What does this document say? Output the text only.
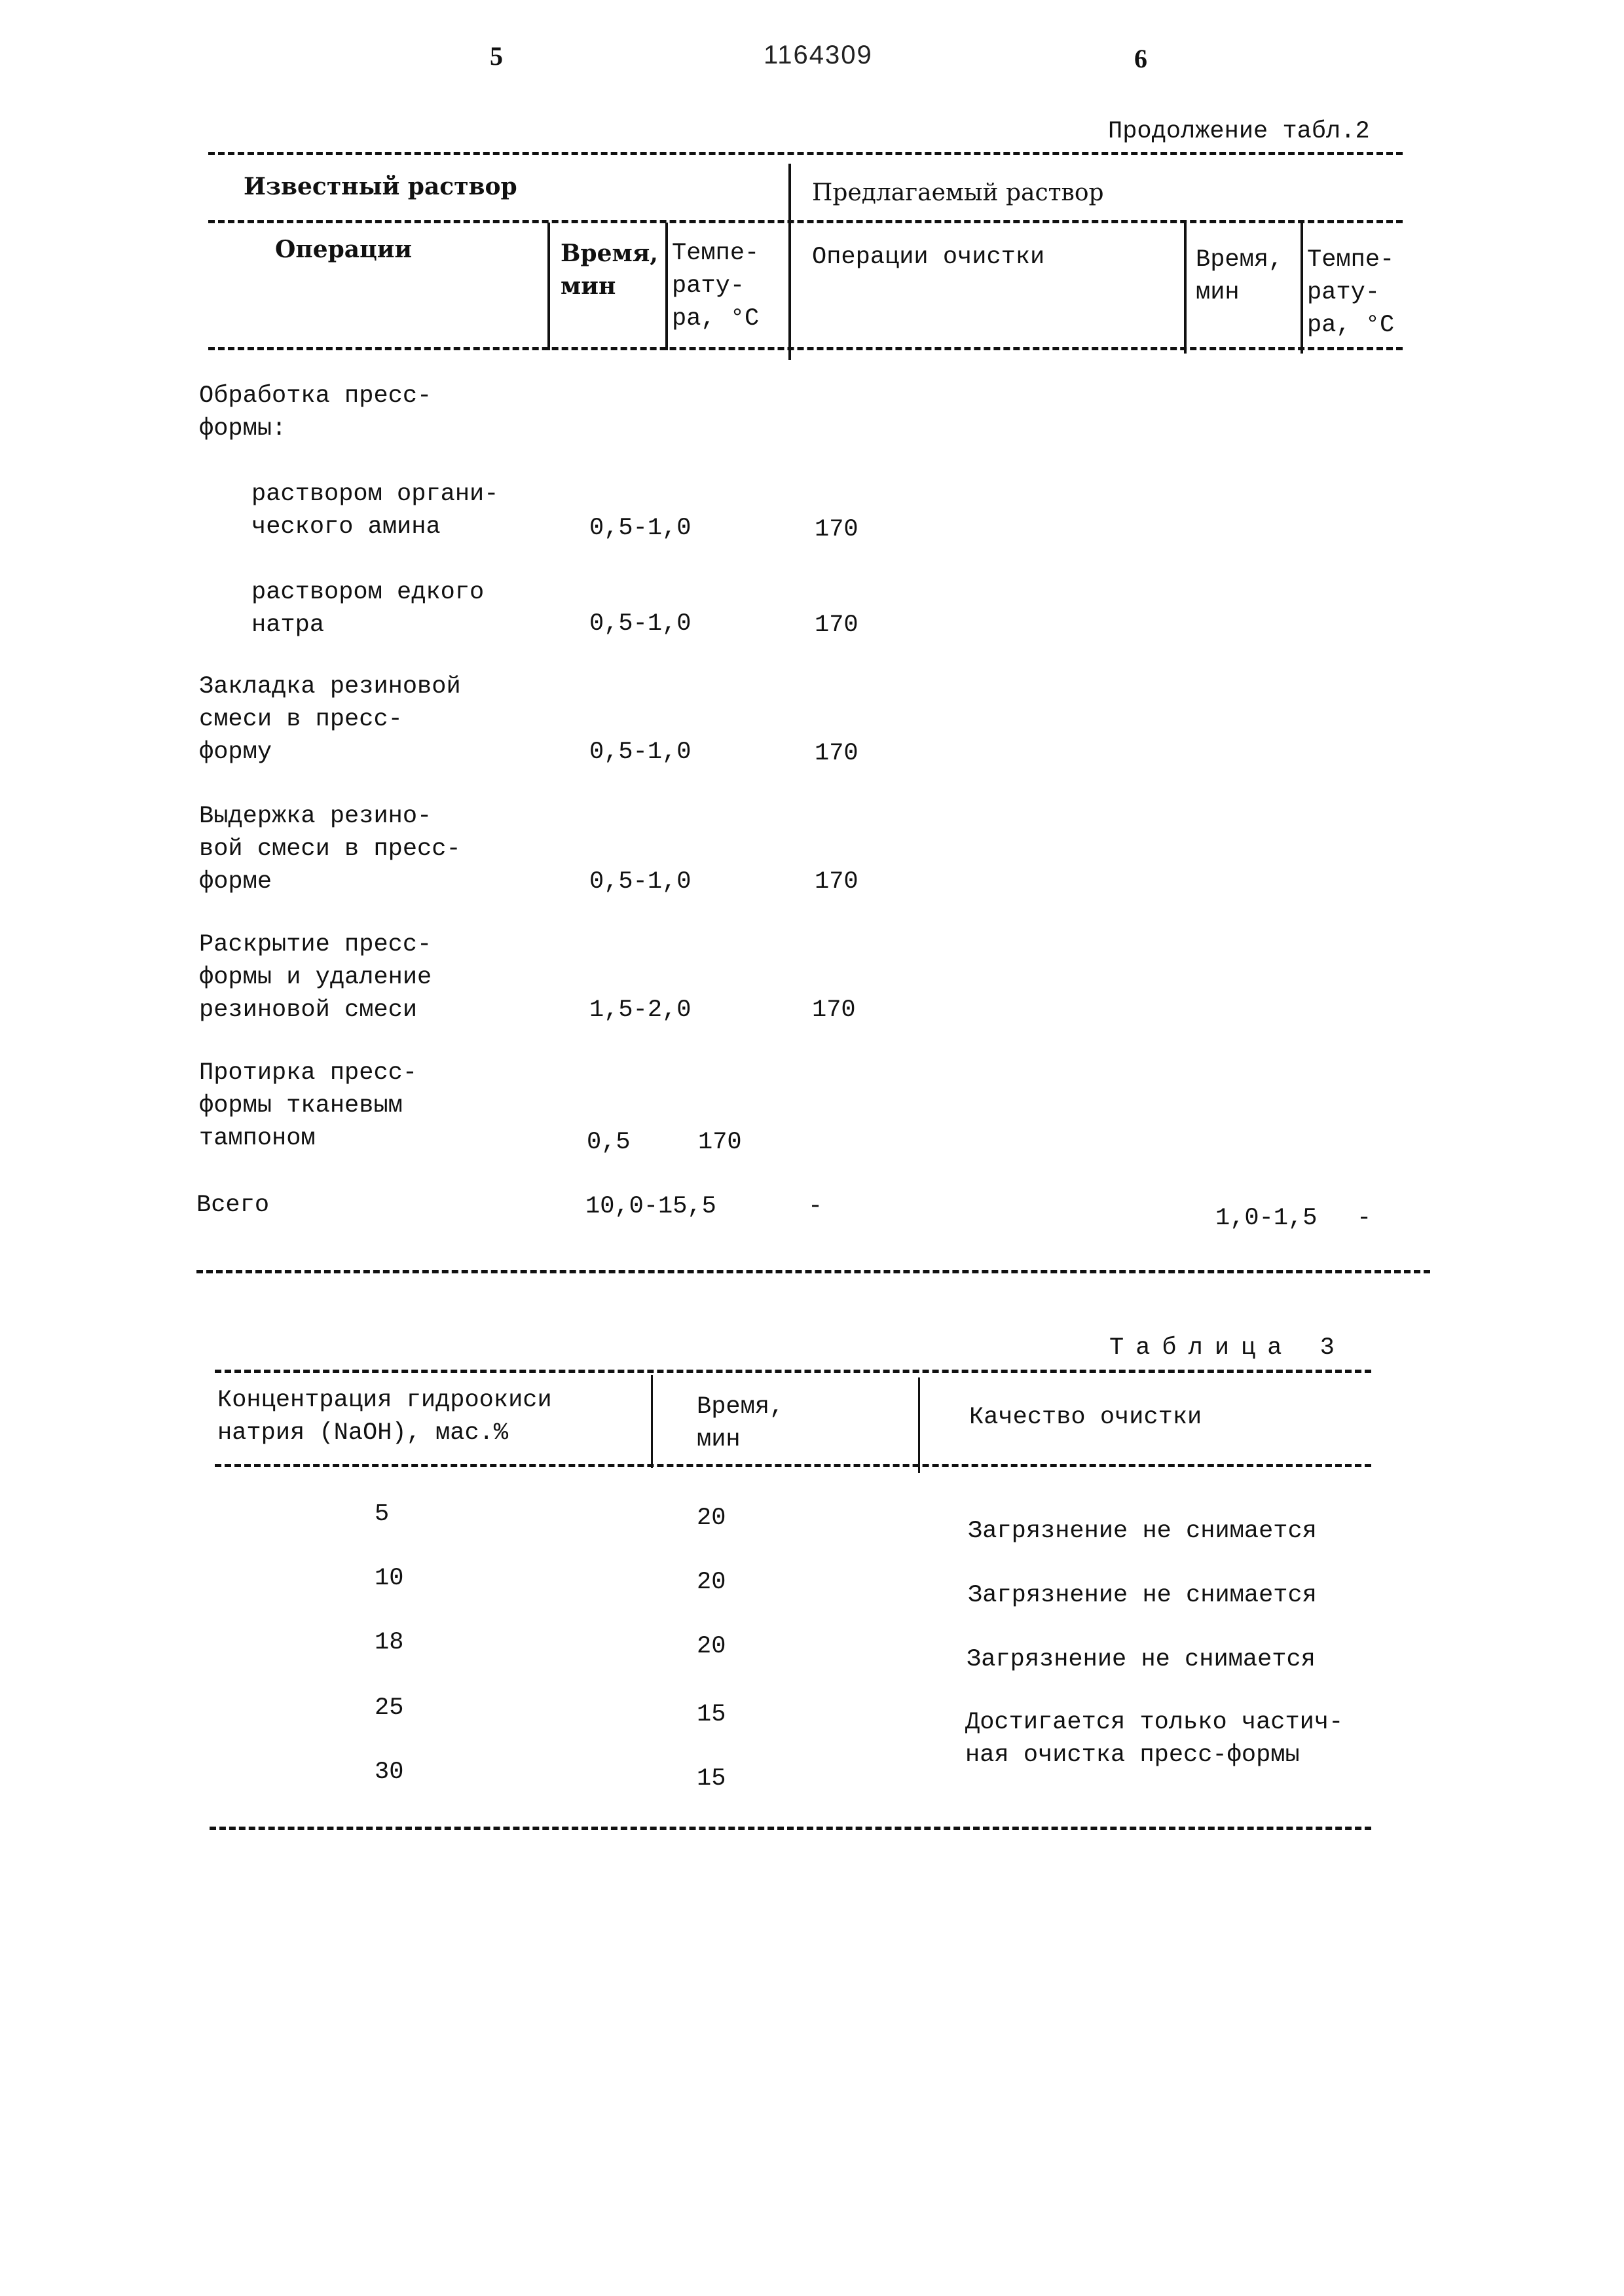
5	1164309	6
Продолжение табл.2
Известный раствор	Предлагаемый раствор
Операции	Время,
мин
Темпе-
рату-
ра, °C
Операции очистки	Время,
мин
Темпе-
рату-
ра, °C
Обработка пресс-
формы:
раствором органи-
ческого амина	0,5-1,0	170
раствором едкого
натра	0,5-1,0	170
Закладка резиновой
смеси в пресс-
форму	0,5-1,0	170
Выдержка резино-
вой смеси в пресс-
форме	0,5-1,0	170
Раскрытие пресс-
формы и удаление
резиновой смеси	1,5-2,0	170
Протирка пресс-
формы тканевым
тампоном	0,5	170
Всего	10,0-15,5	-	1,0-1,5 -
Таблица 3
Концентрация гидроокиси
натрия (NaOH), мас.%
Время,
мин
Качество очистки
5	20	Загрязнение не снимается
10	20	Загрязнение не снимается
18	20	Загрязнение не снимается
25	15	Достигается только частич-
ная очистка пресс-формы
30	15
